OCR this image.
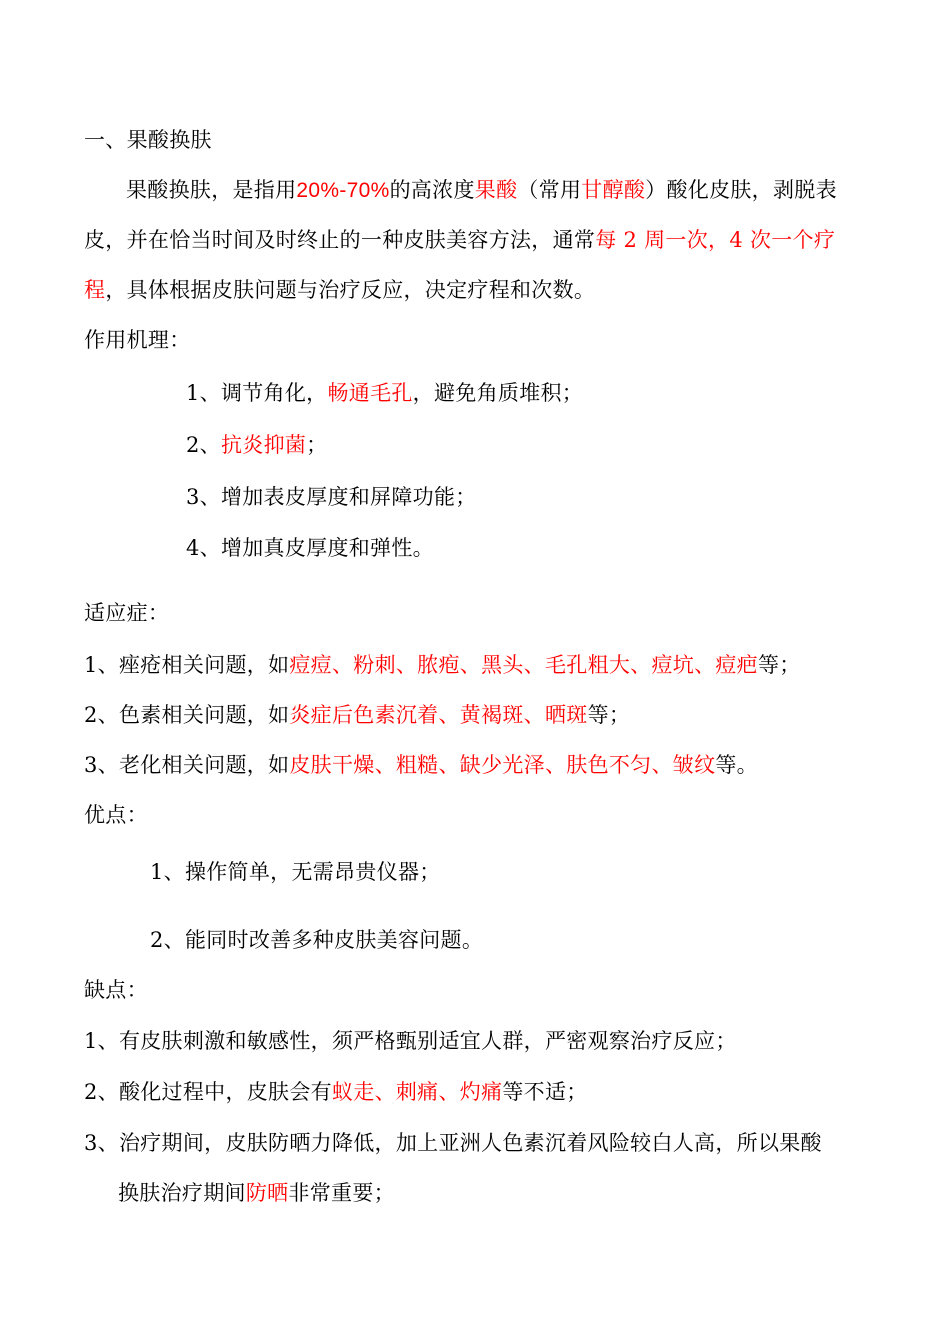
一、果酸换肤
果酸换肤，是指用20%-70%的高浓度果酸（常用甘醇酸）酸化皮肤，剥脱表
皮，并在恰当时间及时终止的一种皮肤美容方法，通常每 2 周一次，4 次一个疗
程，具体根据皮肤问题与治疗反应，决定疗程和次数。
作用机理：
1、调节角化，畅通毛孔，避免角质堆积；
2、抗炎抑菌；
3、增加表皮厚度和屏障功能；
4、增加真皮厚度和弹性。
适应症：
1、痤疮相关问题，如痘痘、粉刺、脓疱、黑头、毛孔粗大、痘坑、痘疤等；
2、色素相关问题，如炎症后色素沉着、黄褐斑、晒斑等；
3、老化相关问题，如皮肤干燥、粗糙、缺少光泽、肤色不匀、皱纹等。
优点：
1、操作简单，无需昂贵仪器；
2、能同时改善多种皮肤美容问题。
缺点：
1、有皮肤刺激和敏感性，须严格甄别适宜人群，严密观察治疗反应；
2、酸化过程中，皮肤会有蚁走、刺痛、灼痛等不适；
3、治疗期间，皮肤防晒力降低，加上亚洲人色素沉着风险较白人高，所以果酸
换肤治疗期间防晒非常重要；
